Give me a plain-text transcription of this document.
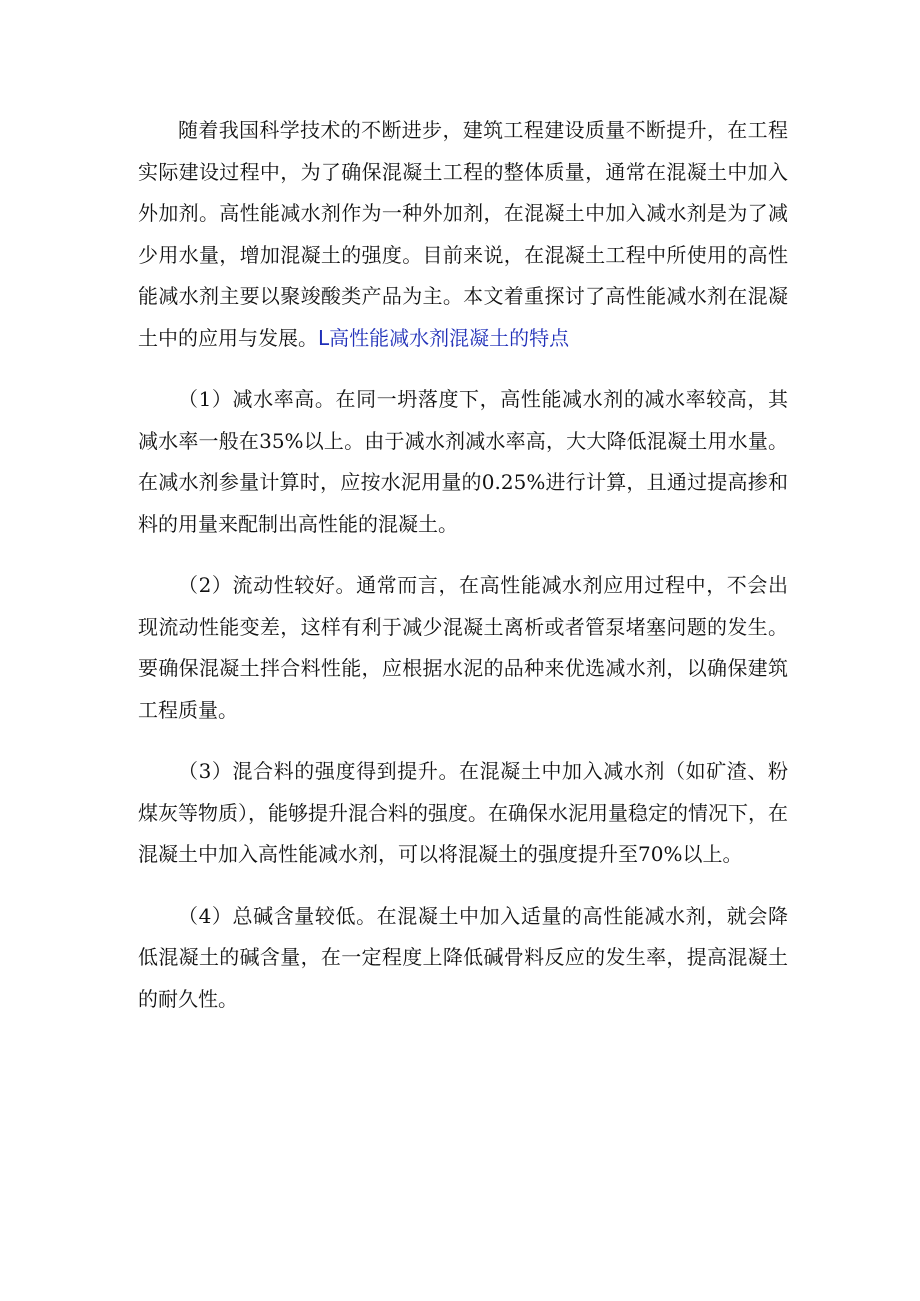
随着我国科学技术的不断进步，建筑工程建设质量不断提升，在工程实际建设过程中，为了确保混凝土工程的整体质量，通常在混凝土中加入外加剂。高性能减水剂作为一种外加剂，在混凝土中加入减水剂是为了减少用水量，增加混凝土的强度。目前来说，在混凝土工程中所使用的高性能减水剂主要以聚竣酸类产品为主。本文着重探讨了高性能减水剂在混凝土中的应用与发展。L高性能减水剂混凝土的特点

（1）减水率高。在同一坍落度下，高性能减水剂的减水率较高，其减水率一般在35%以上。由于减水剂减水率高，大大降低混凝土用水量。在减水剂参量计算时，应按水泥用量的0.25%进行计算，且通过提高掺和料的用量来配制出高性能的混凝土。

（2）流动性较好。通常而言，在高性能减水剂应用过程中，不会出现流动性能变差，这样有利于减少混凝土离析或者管泵堵塞问题的发生。要确保混凝土拌合料性能，应根据水泥的品种来优选减水剂，以确保建筑工程质量。

（3）混合料的强度得到提升。在混凝土中加入减水剂（如矿渣、粉煤灰等物质），能够提升混合料的强度。在确保水泥用量稳定的情况下，在混凝土中加入高性能减水剂，可以将混凝土的强度提升至70%以上。

（4）总碱含量较低。在混凝土中加入适量的高性能减水剂，就会降低混凝土的碱含量，在一定程度上降低碱骨料反应的发生率，提高混凝土的耐久性。
